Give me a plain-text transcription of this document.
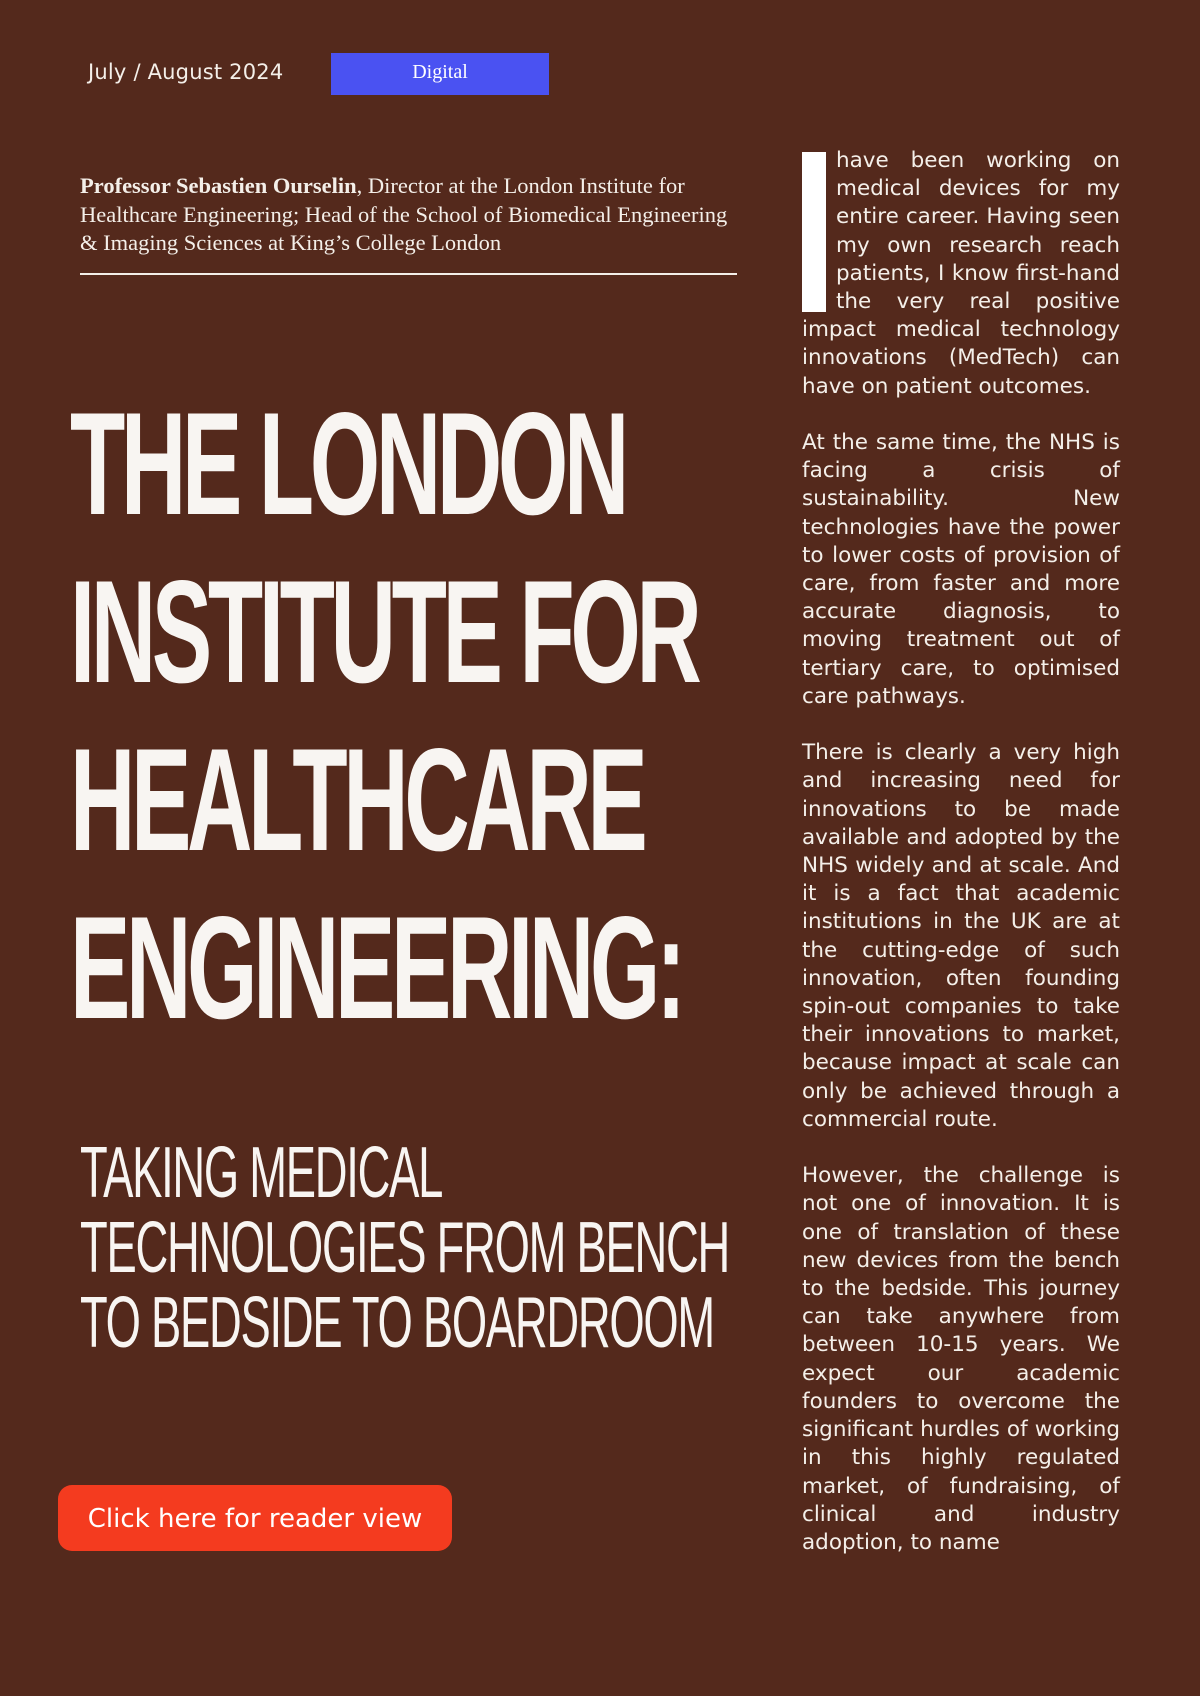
July / August 2024	Digital
Professor Sebastien Ourselin, Director at the London Institute for Healthcare Engineering; Head of the School of Biomedical Engineering & Imaging Sciences at King’s College London
THE LONDON
INSTITUTE FOR
HEALTHCARE
ENGINEERING:
TAKING MEDICAL
TECHNOLOGIES FROM BENCH
TO BEDSIDE TO BOARDROOM
Click here for reader view

have been working on medical devices for my entire career. Having seen my own research reach patients, I know first-hand the very real positive impact medical technology innovations (MedTech) can have on patient outcomes.

At the same time, the NHS is facing a crisis of sustainability. New technologies have the power to lower costs of provision of care, from faster and more accurate diagnosis, to moving treatment out of tertiary care, to optimised care pathways.

There is clearly a very high and increasing need for innovations to be made available and adopted by the NHS widely and at scale. And it is a fact that academic institutions in the UK are at the cutting-edge of such innovation, often founding spin-out companies to take their innovations to market, because impact at scale can only be achieved through a commercial route.

However, the challenge is not one of innovation. It is one of translation of these new devices from the bench to the bedside. This journey can take anywhere from between 10-15 years. We expect our academic founders to overcome the significant hurdles of working in this highly regulated market, of fundraising, of clinical and industry adoption, to name
